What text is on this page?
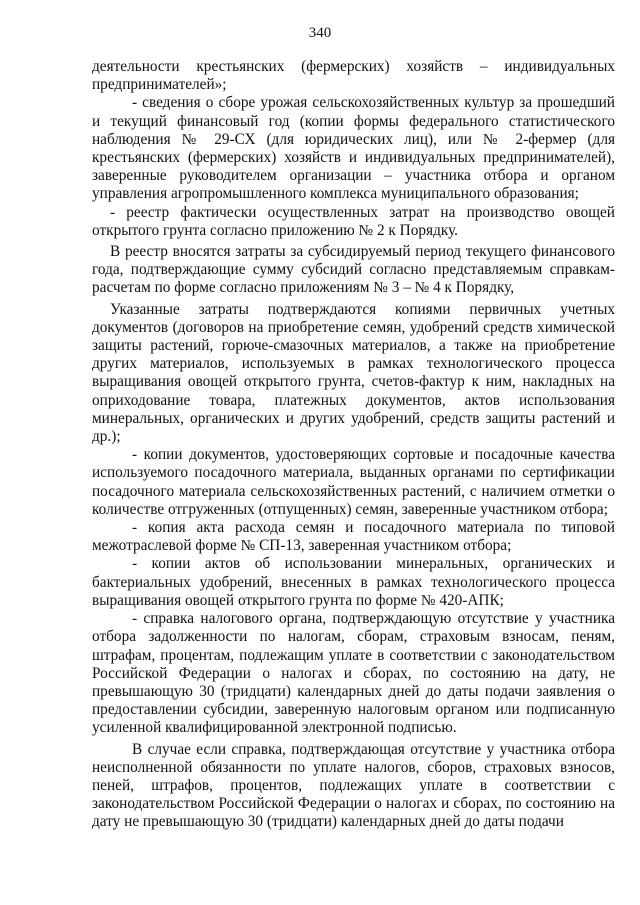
340

деятельности крестьянских (фермерских) хозяйств – индивидуальных предпринимателей»;

- сведения о сборе урожая сельскохозяйственных культур за прошедший и текущий финансовый год (копии формы федерального статистического наблюдения № 29-СХ (для юридических лиц), или № 2-фермер (для крестьянских (фермерских) хозяйств и индивидуальных предпринимателей), заверенные руководителем организации – участника отбора и органом управления агропромышленного комплекса муниципального образования;

- реестр фактически осуществленных затрат на производство овощей открытого грунта согласно приложению № 2 к Порядку.

В реестр вносятся затраты за субсидируемый период текущего финансового года, подтверждающие сумму субсидий согласно представляемым справкам-расчетам по форме согласно приложениям № 3 – № 4 к Порядку,

Указанные затраты подтверждаются копиями первичных учетных документов (договоров на приобретение семян, удобрений средств химической защиты растений, горюче-смазочных материалов, а также на приобретение других материалов, используемых в рамках технологического процесса выращивания овощей открытого грунта, счетов-фактур к ним, накладных на оприходование товара, платежных документов, актов использования минеральных, органических и других удобрений, средств защиты растений и др.);

- копии документов, удостоверяющих сортовые и посадочные качества используемого посадочного материала, выданных органами по сертификации посадочного материала сельскохозяйственных растений, с наличием отметки о количестве отгруженных (отпущенных) семян, заверенные участником отбора;

- копия акта расхода семян и посадочного материала по типовой межотраслевой форме № СП-13, заверенная участником отбора;

- копии актов об использовании минеральных, органических и бактериальных удобрений, внесенных в рамках технологического процесса выращивания овощей открытого грунта по форме № 420-АПК;

- справка налогового органа, подтверждающую отсутствие у участника отбора задолженности по налогам, сборам, страховым взносам, пеням, штрафам, процентам, подлежащим уплате в соответствии с законодательством Российской Федерации о налогах и сборах, по состоянию на дату, не превышающую 30 (тридцати) календарных дней до даты подачи заявления о предоставлении субсидии, заверенную налоговым органом или подписанную усиленной квалифицированной электронной подписью.

В случае если справка, подтверждающая отсутствие у участника отбора неисполненной обязанности по уплате налогов, сборов, страховых взносов, пеней, штрафов, процентов, подлежащих уплате в соответствии с законодательством Российской Федерации о налогах и сборах, по состоянию на дату не превышающую 30 (тридцати) календарных дней до даты подачи
